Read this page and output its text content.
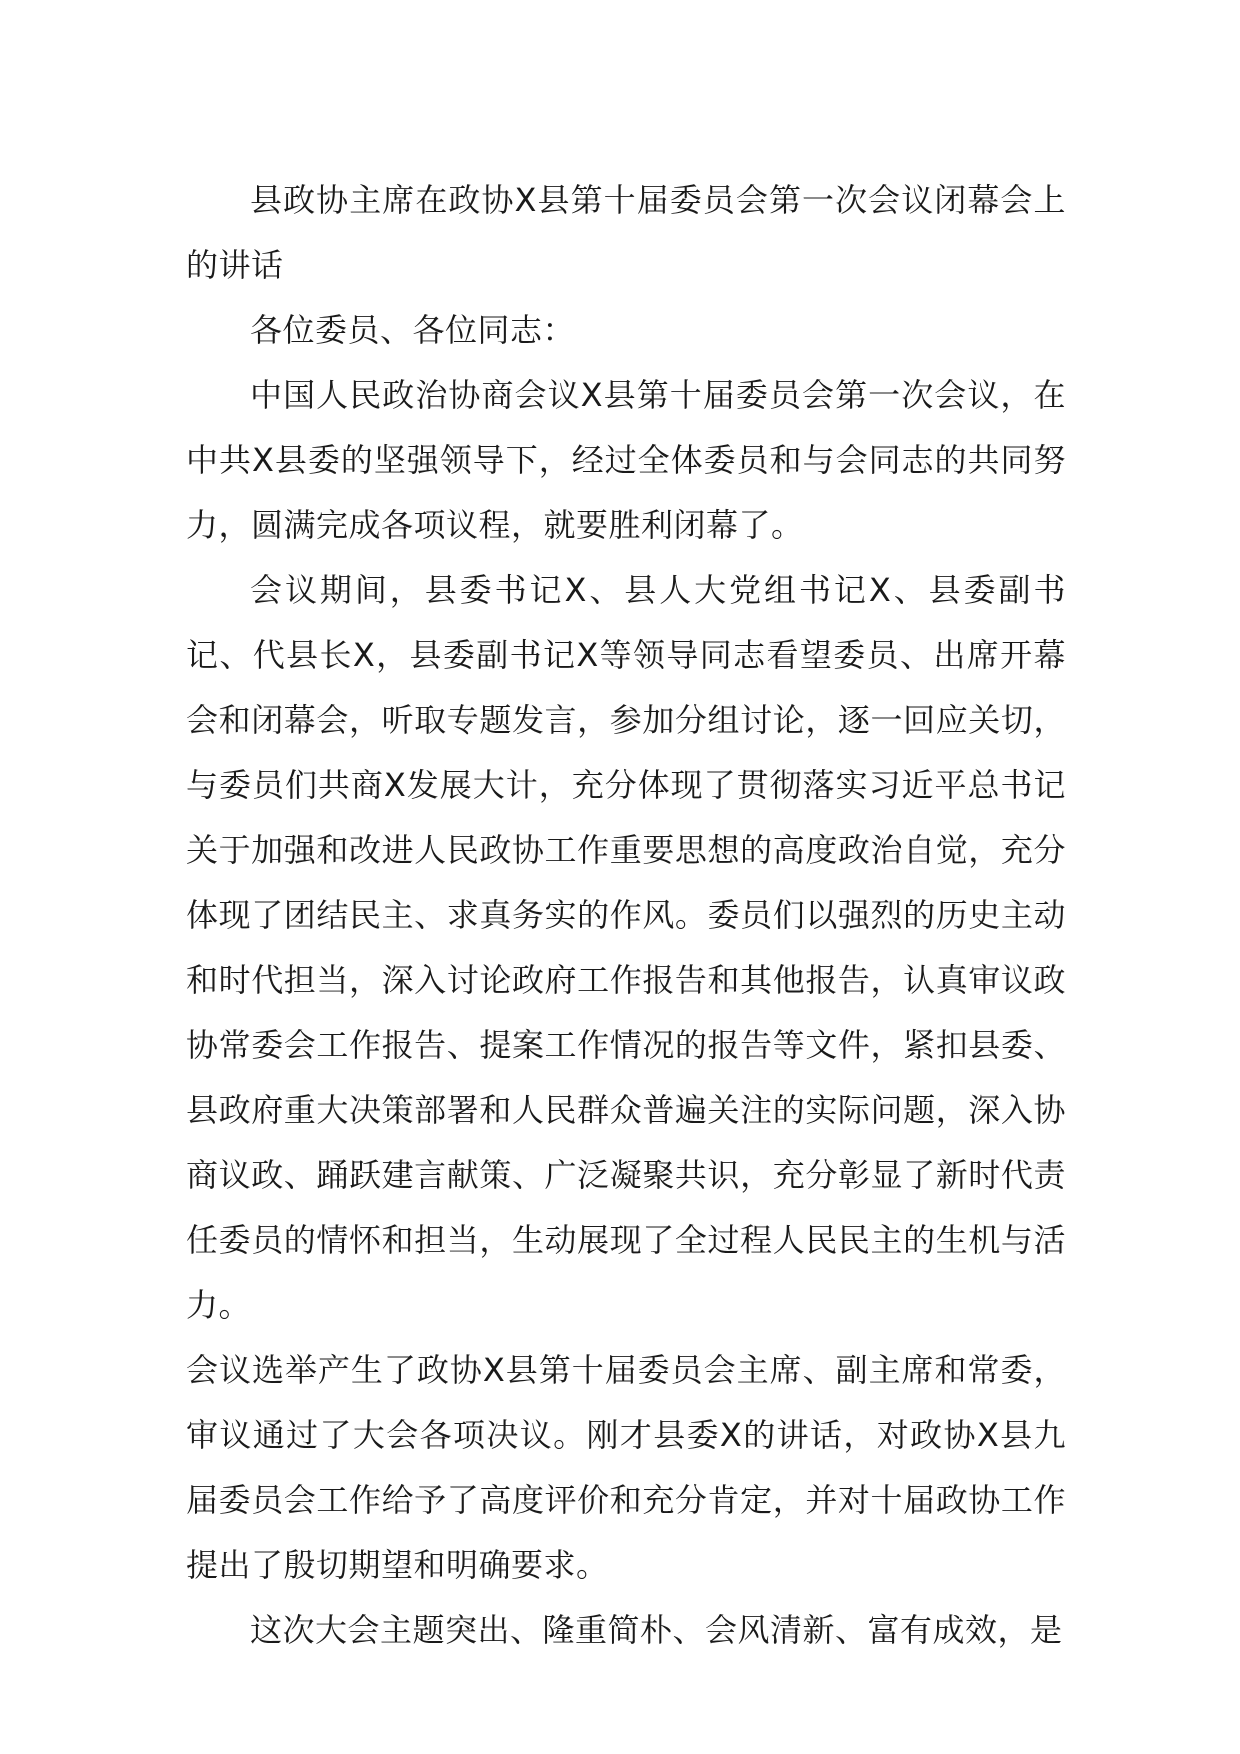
县政协主席在政协X县第十届委员会第一次会议闭幕会上的讲话

各位委员、各位同志：

中国人民政治协商会议X县第十届委员会第一次会议，在中共X县委的坚强领导下，经过全体委员和与会同志的共同努力，圆满完成各项议程，就要胜利闭幕了。

会议期间，县委书记X、县人大党组书记X、县委副书记、代县长X，县委副书记X等领导同志看望委员、出席开幕会和闭幕会，听取专题发言，参加分组讨论，逐一回应关切，与委员们共商X发展大计，充分体现了贯彻落实习近平总书记关于加强和改进人民政协工作重要思想的高度政治自觉，充分体现了团结民主、求真务实的作风。委员们以强烈的历史主动和时代担当，深入讨论政府工作报告和其他报告，认真审议政协常委会工作报告、提案工作情况的报告等文件，紧扣县委、县政府重大决策部署和人民群众普遍关注的实际问题，深入协商议政、踊跃建言献策、广泛凝聚共识，充分彰显了新时代责任委员的情怀和担当，生动展现了全过程人民民主的生机与活力。

会议选举产生了政协X县第十届委员会主席、副主席和常委，审议通过了大会各项决议。刚才县委X的讲话，对政协X县九届委员会工作给予了高度评价和充分肯定，并对十届政协工作提出了殷切期望和明确要求。

这次大会主题突出、隆重简朴、会风清新、富有成效，是
